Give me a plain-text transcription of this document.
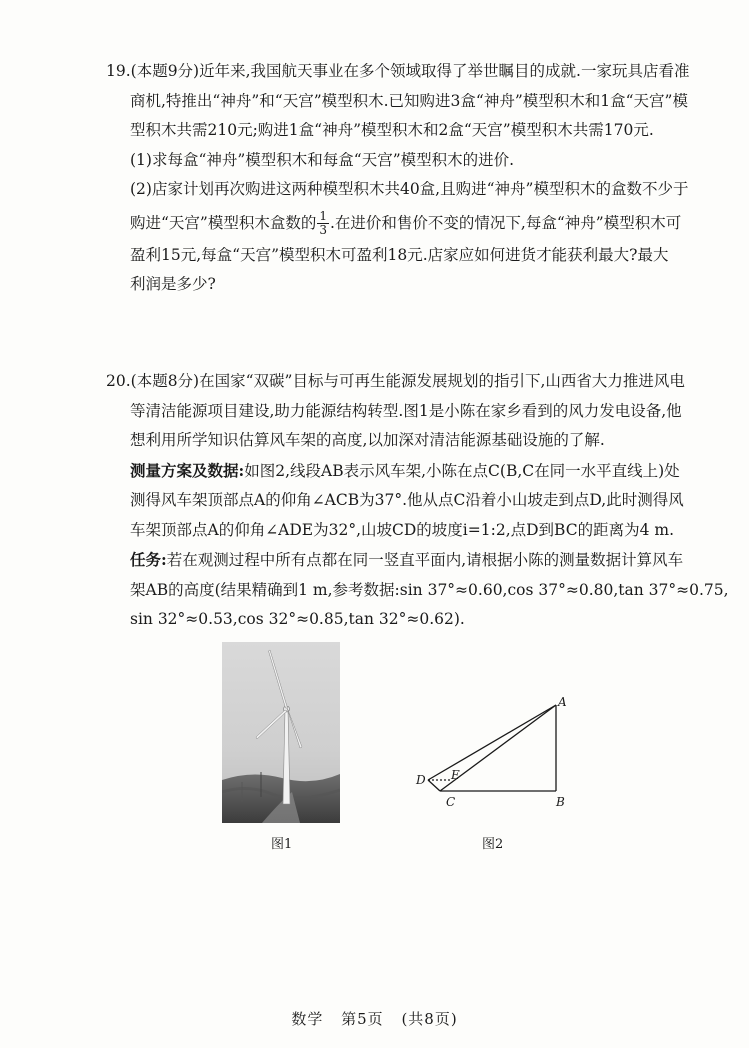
19.(本题9分)近年来,我国航天事业在多个领域取得了举世瞩目的成就.一家玩具店看准
商机,特推出“神舟”和“天宫”模型积木.已知购进3盒“神舟”模型积木和1盒“天宫”模
型积木共需210元;购进1盒“神舟”模型积木和2盒“天宫”模型积木共需170元.
(1)求每盒“神舟”模型积木和每盒“天宫”模型积木的进价.
(2)店家计划再次购进这两种模型积木共40盒,且购进“神舟”模型积木的盒数不少于
购进“天宫”模型积木盒数的 $\frac{1}{3}$ .在进价和售价不变的情况下,每盒“神舟”模型积木可
盈利15元,每盒“天宫”模型积木可盈利18元.店家应如何进货才能获利最大?最大
利润是多少?
20.(本题8分)在国家“双碳”目标与可再生能源发展规划的指引下,山西省大力推进风电
等清洁能源项目建设,助力能源结构转型.图1是小陈在家乡看到的风力发电设备,他
想利用所学知识估算风车架的高度,以加深对清洁能源基础设施的了解.
测量方案及数据:如图2,线段AB表示风车架,小陈在点C(B,C在同一水平直线上)处
测得风车架顶部点A的仰角∠ACB为37°.他从点C沿着小山坡走到点D,此时测得风
车架顶部点A的仰角∠ADE为32°,山坡CD的坡度i=1:2,点D到BC的距离为4 m.
任务:若在观测过程中所有点都在同一竖直平面内,请根据小陈的测量数据计算风车
架AB的高度(结果精确到1 m,参考数据:sin 37°≈0.60,cos 37°≈0.80,tan 37°≈0.75,
sin 32°≈0.53,cos 32°≈0.85,tan 32°≈0.62).
A
B
C
D E
图1	图2
数学 第5页 (共8页)
